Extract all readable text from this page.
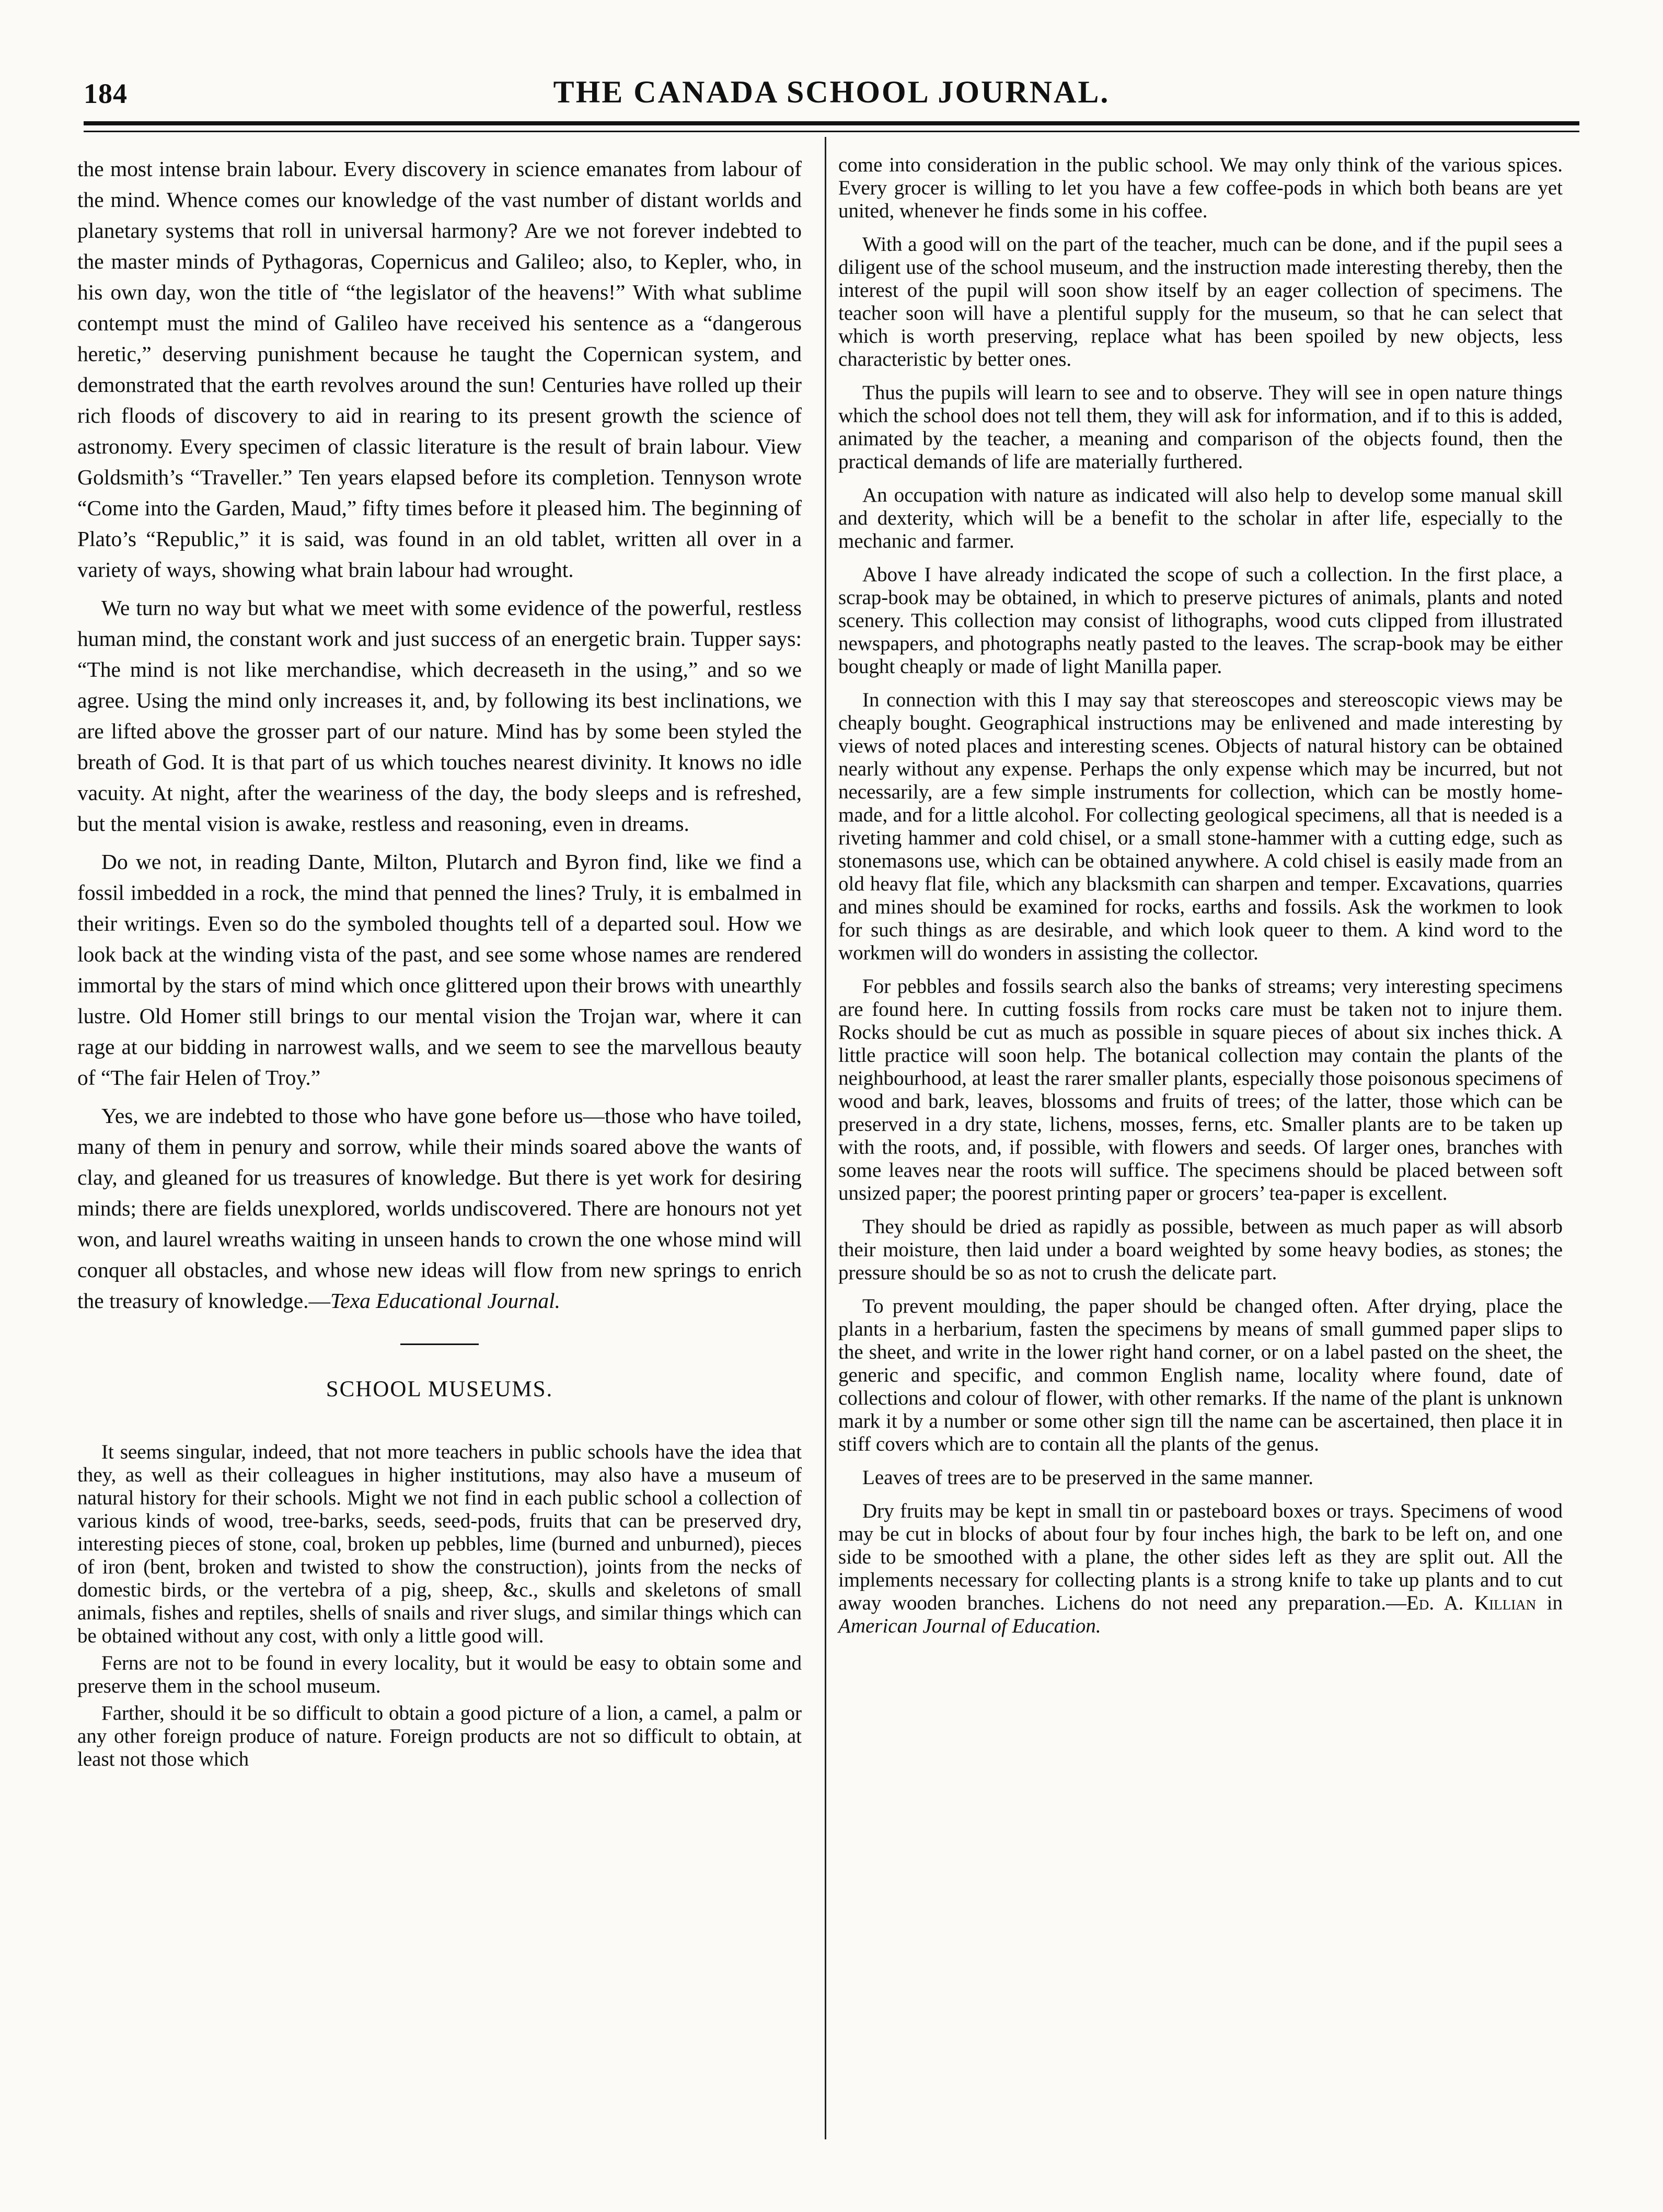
184	THE CANADA SCHOOL JOURNAL.

the most intense brain labour. Every discovery in science emanates from labour of the mind. Whence comes our knowledge of the vast number of distant worlds and planetary systems that roll in universal harmony? Are we not forever indebted to the master minds of Pythagoras, Copernicus and Galileo; also, to Kepler, who, in his own day, won the title of “the legislator of the heavens!” With what sublime contempt must the mind of Galileo have received his sentence as a “dangerous heretic,” deserving punishment because he taught the Copernican system, and demonstrated that the earth revolves around the sun! Centuries have rolled up their rich floods of discovery to aid in rearing to its present growth the science of astronomy. Every specimen of classic literature is the result of brain labour. View Goldsmith’s “Traveller.” Ten years elapsed before its completion. Tennyson wrote “Come into the Garden, Maud,” fifty times before it pleased him. The beginning of Plato’s “Republic,” it is said, was found in an old tablet, written all over in a variety of ways, showing what brain labour had wrought.

We turn no way but what we meet with some evidence of the powerful, restless human mind, the constant work and just success of an energetic brain. Tupper says: “The mind is not like merchandise, which decreaseth in the using,” and so we agree. Using the mind only increases it, and, by following its best inclinations, we are lifted above the grosser part of our nature. Mind has by some been styled the breath of God. It is that part of us which touches nearest divinity. It knows no idle vacuity. At night, after the weariness of the day, the body sleeps and is refreshed, but the mental vision is awake, restless and reasoning, even in dreams.

Do we not, in reading Dante, Milton, Plutarch and Byron find, like we find a fossil imbedded in a rock, the mind that penned the lines? Truly, it is embalmed in their writings. Even so do the symboled thoughts tell of a departed soul. How we look back at the winding vista of the past, and see some whose names are rendered immortal by the stars of mind which once glittered upon their brows with unearthly lustre. Old Homer still brings to our mental vision the Trojan war, where it can rage at our bidding in narrowest walls, and we seem to see the marvellous beauty of “The fair Helen of Troy.”

Yes, we are indebted to those who have gone before us—those who have toiled, many of them in penury and sorrow, while their minds soared above the wants of clay, and gleaned for us treasures of knowledge. But there is yet work for desiring minds; there are fields unexplored, worlds undiscovered. There are honours not yet won, and laurel wreaths waiting in unseen hands to crown the one whose mind will conquer all obstacles, and whose new ideas will flow from new springs to enrich the treasury of knowledge.—Texa Educational Journal.

SCHOOL MUSEUMS.

It seems singular, indeed, that not more teachers in public schools have the idea that they, as well as their colleagues in higher institutions, may also have a museum of natural history for their schools. Might we not find in each public school a collection of various kinds of wood, tree-barks, seeds, seed-pods, fruits that can be preserved dry, interesting pieces of stone, coal, broken up pebbles, lime (burned and unburned), pieces of iron (bent, broken and twisted to show the construction), joints from the necks of domestic birds, or the vertebra of a pig, sheep, &c., skulls and skeletons of small animals, fishes and reptiles, shells of snails and river slugs, and similar things which can be obtained without any cost, with only a little good will.

Ferns are not to be found in every locality, but it would be easy to obtain some and preserve them in the school museum.

Farther, should it be so difficult to obtain a good picture of a lion, a camel, a palm or any other foreign produce of nature. Foreign products are not so difficult to obtain, at least not those which

come into consideration in the public school. We may only think of the various spices. Every grocer is willing to let you have a few coffee-pods in which both beans are yet united, whenever he finds some in his coffee.

With a good will on the part of the teacher, much can be done, and if the pupil sees a diligent use of the school museum, and the instruction made interesting thereby, then the interest of the pupil will soon show itself by an eager collection of specimens. The teacher soon will have a plentiful supply for the museum, so that he can select that which is worth preserving, replace what has been spoiled by new objects, less characteristic by better ones.

Thus the pupils will learn to see and to observe. They will see in open nature things which the school does not tell them, they will ask for information, and if to this is added, animated by the teacher, a meaning and comparison of the objects found, then the practical demands of life are materially furthered.

An occupation with nature as indicated will also help to develop some manual skill and dexterity, which will be a benefit to the scholar in after life, especially to the mechanic and farmer.

Above I have already indicated the scope of such a collection. In the first place, a scrap-book may be obtained, in which to preserve pictures of animals, plants and noted scenery. This collection may consist of lithographs, wood cuts clipped from illustrated newspapers, and photographs neatly pasted to the leaves. The scrap-book may be either bought cheaply or made of light Manilla paper.

In connection with this I may say that stereoscopes and stereoscopic views may be cheaply bought. Geographical instructions may be enlivened and made interesting by views of noted places and interesting scenes. Objects of natural history can be obtained nearly without any expense. Perhaps the only expense which may be incurred, but not necessarily, are a few simple instruments for collection, which can be mostly home-made, and for a little alcohol. For collecting geological specimens, all that is needed is a riveting hammer and cold chisel, or a small stone-hammer with a cutting edge, such as stonemasons use, which can be obtained anywhere. A cold chisel is easily made from an old heavy flat file, which any blacksmith can sharpen and temper. Excavations, quarries and mines should be examined for rocks, earths and fossils. Ask the workmen to look for such things as are desirable, and which look queer to them. A kind word to the workmen will do wonders in assisting the collector.

For pebbles and fossils search also the banks of streams; very interesting specimens are found here. In cutting fossils from rocks care must be taken not to injure them. Rocks should be cut as much as possible in square pieces of about six inches thick. A little practice will soon help. The botanical collection may contain the plants of the neighbourhood, at least the rarer smaller plants, especially those poisonous specimens of wood and bark, leaves, blossoms and fruits of trees; of the latter, those which can be preserved in a dry state, lichens, mosses, ferns, etc. Smaller plants are to be taken up with the roots, and, if possible, with flowers and seeds. Of larger ones, branches with some leaves near the roots will suffice. The specimens should be placed between soft unsized paper; the poorest printing paper or grocers’ tea-paper is excellent.

They should be dried as rapidly as possible, between as much paper as will absorb their moisture, then laid under a board weighted by some heavy bodies, as stones; the pressure should be so as not to crush the delicate part.

To prevent moulding, the paper should be changed often. After drying, place the plants in a herbarium, fasten the specimens by means of small gummed paper slips to the sheet, and write in the lower right hand corner, or on a label pasted on the sheet, the generic and specific, and common English name, locality where found, date of collections and colour of flower, with other remarks. If the name of the plant is unknown mark it by a number or some other sign till the name can be ascertained, then place it in stiff covers which are to contain all the plants of the genus.

Leaves of trees are to be preserved in the same manner.

Dry fruits may be kept in small tin or pasteboard boxes or trays. Specimens of wood may be cut in blocks of about four by four inches high, the bark to be left on, and one side to be smoothed with a plane, the other sides left as they are split out. All the implements necessary for collecting plants is a strong knife to take up plants and to cut away wooden branches. Lichens do not need any preparation.—Ed. A. Killian in American Journal of Education.
